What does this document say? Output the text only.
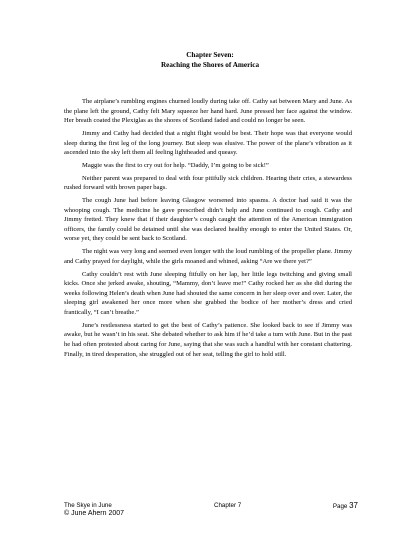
Chapter Seven:
Reaching the Shores of America

The airplane’s rumbling engines churned loudly during take off. Cathy sat between Mary and June. As the plane left the ground, Cathy felt Mary squeeze her hand hard. June pressed her face against the window. Her breath coated the Plexiglas as the shores of Scotland faded and could no longer be seen.

Jimmy and Cathy had decided that a night flight would be best. Their hope was that everyone would sleep during the first leg of the long journey. But sleep was elusive. The power of the plane’s vibration as it ascended into the sky left them all feeling lightheaded and queasy.

Maggie was the first to cry out for help. “Daddy, I’m going to be sick!”

Neither parent was prepared to deal with four pitifully sick children. Hearing their cries, a stewardess rushed forward with brown paper bags.

The cough June had before leaving Glasgow worsened into spasms. A doctor had said it was the whooping cough. The medicine he gave prescribed didn’t help and June continued to cough. Cathy and Jimmy fretted. They knew that if their daughter’s cough caught the attention of the American immigration officers, the family could be detained until she was declared healthy enough to enter the United States. Or, worse yet, they could be sent back to Scotland.

The night was very long and seemed even longer with the loud rumbling of the propeller plane. Jimmy and Cathy prayed for daylight, while the girls moaned and whined, asking “Are we there yet?”

Cathy couldn’t rest with June sleeping fitfully on her lap, her little legs twitching and giving small kicks. Once she jerked awake, shouting, “Mammy, don’t leave me!” Cathy rocked her as she did during the weeks following Helen’s death when June had shouted the same concern in her sleep over and over. Later, the sleeping girl awakened her once more when she grabbed the bodice of her mother’s dress and cried frantically, “I can’t breathe.”

June’s restlessness started to get the best of Cathy’s patience. She looked back to see if Jimmy was awake, but he wasn’t in his seat. She debated whether to ask him if he’d take a turn with June. But in the past he had often protested about caring for June, saying that she was such a handful with her constant chattering. Finally, in tired desperation, she struggled out of her seat, telling the girl to hold still.

The Skye in June
© June Ahern 2007
Chapter 7	Page 37
